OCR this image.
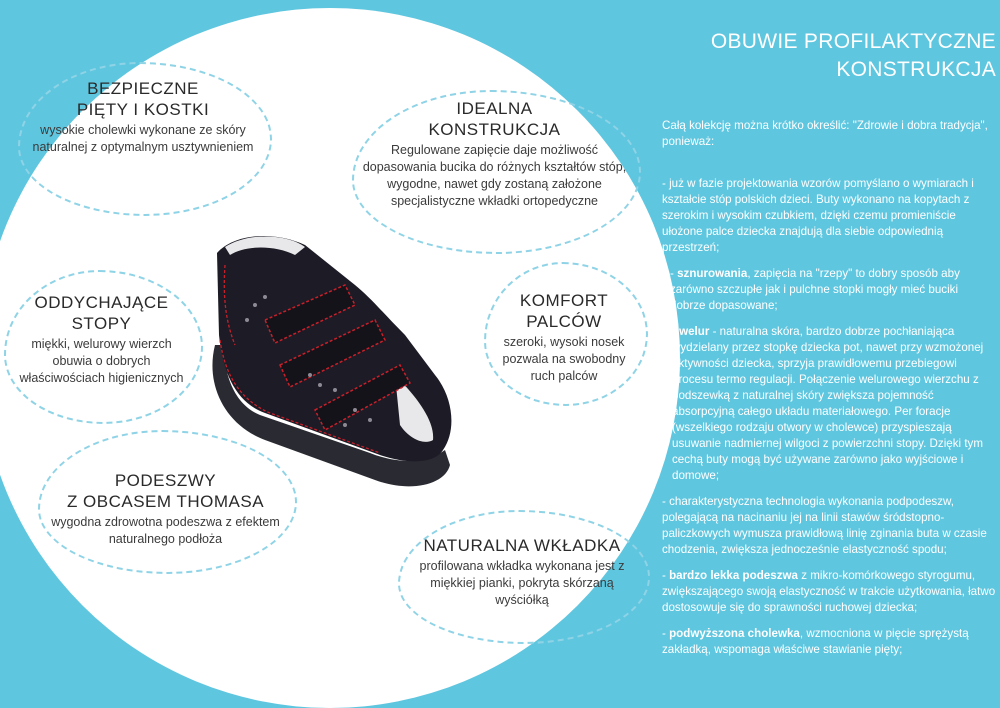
BEZPIECZNE
PIĘTY I KOSTKI
wysokie cholewki wykonane ze skóry naturalnej z optymalnym usztywnieniem
IDEALNA
KONSTRUKCJA
Regulowane zapięcie daje możliwość dopasowania bucika do różnych kształtów stóp, wygodne, nawet gdy zostaną założone specjalistyczne wkładki ortopedyczne
ODDYCHAJĄCE
STOPY
miękki, welurowy wierzch obuwia o dobrych właściwościach higienicznych
KOMFORT
PALCÓW
szeroki, wysoki nosek pozwala na swobodny ruch palców
PODESZWY
Z OBCASEM THOMASA
wygodna zdrowotna podeszwa z efektem naturalnego podłoża	NATURALNA WKŁADKA
profilowana wkładka wykonana jest z miękkiej pianki, pokryta skórzaną wyściółką
OBUWIE PROFILAKTYCZNE
KONSTRUKCJA

Całą kolekcję można krótko określić: "Zdrowie i dobra tradycja", ponieważ:

- już w fazie projektowania wzorów pomyślano o wymiarach i kształcie stóp polskich dzieci. Buty wykonano na kopytach z szerokim i wysokim czubkiem, dzięki czemu promieniście ułożone palce dziecka znajdują dla siebie odpowiednią przestrzeń;

- sznurowania, zapięcia na "rzepy" to dobry sposób aby zarówno szczupłe jak i pulchne stopki mogły mieć buciki dobrze dopasowane;

- welur - naturalna skóra, bardzo dobrze pochłaniająca wydzielany przez stopkę dziecka pot, nawet przy wzmożonej aktywności dziecka, sprzyja prawidłowemu przebiegowi procesu termo regulacji. Połączenie welurowego wierzchu z podszewką z naturalnej skóry zwiększa pojemność absorpcyjną całego układu materiałowego. Per foracje (wszelkiego rodzaju otwory w cholewce) przyspieszają usuwanie nadmiernej wilgoci z powierzchni stopy. Dzięki tym cechą buty mogą być używane zarówno jako wyjściowe i domowe;

- charakterystyczna technologia wykonania podpodeszw, polegającą na nacinaniu jej na linii stawów śródstopno-paliczkowych wymusza prawidłową linię zginania buta w czasie chodzenia, zwiększa jednocześnie elastyczność spodu;

- bardzo lekka podeszwa z mikro-komórkowego styrogumu, zwiększającego swoją elastyczność w trakcie użytkowania, łatwo dostosowuje się do sprawności ruchowej dziecka;

- podwyższona cholewka, wzmocniona w pięcie sprężystą zakładką, wspomaga właściwe stawianie pięty;
